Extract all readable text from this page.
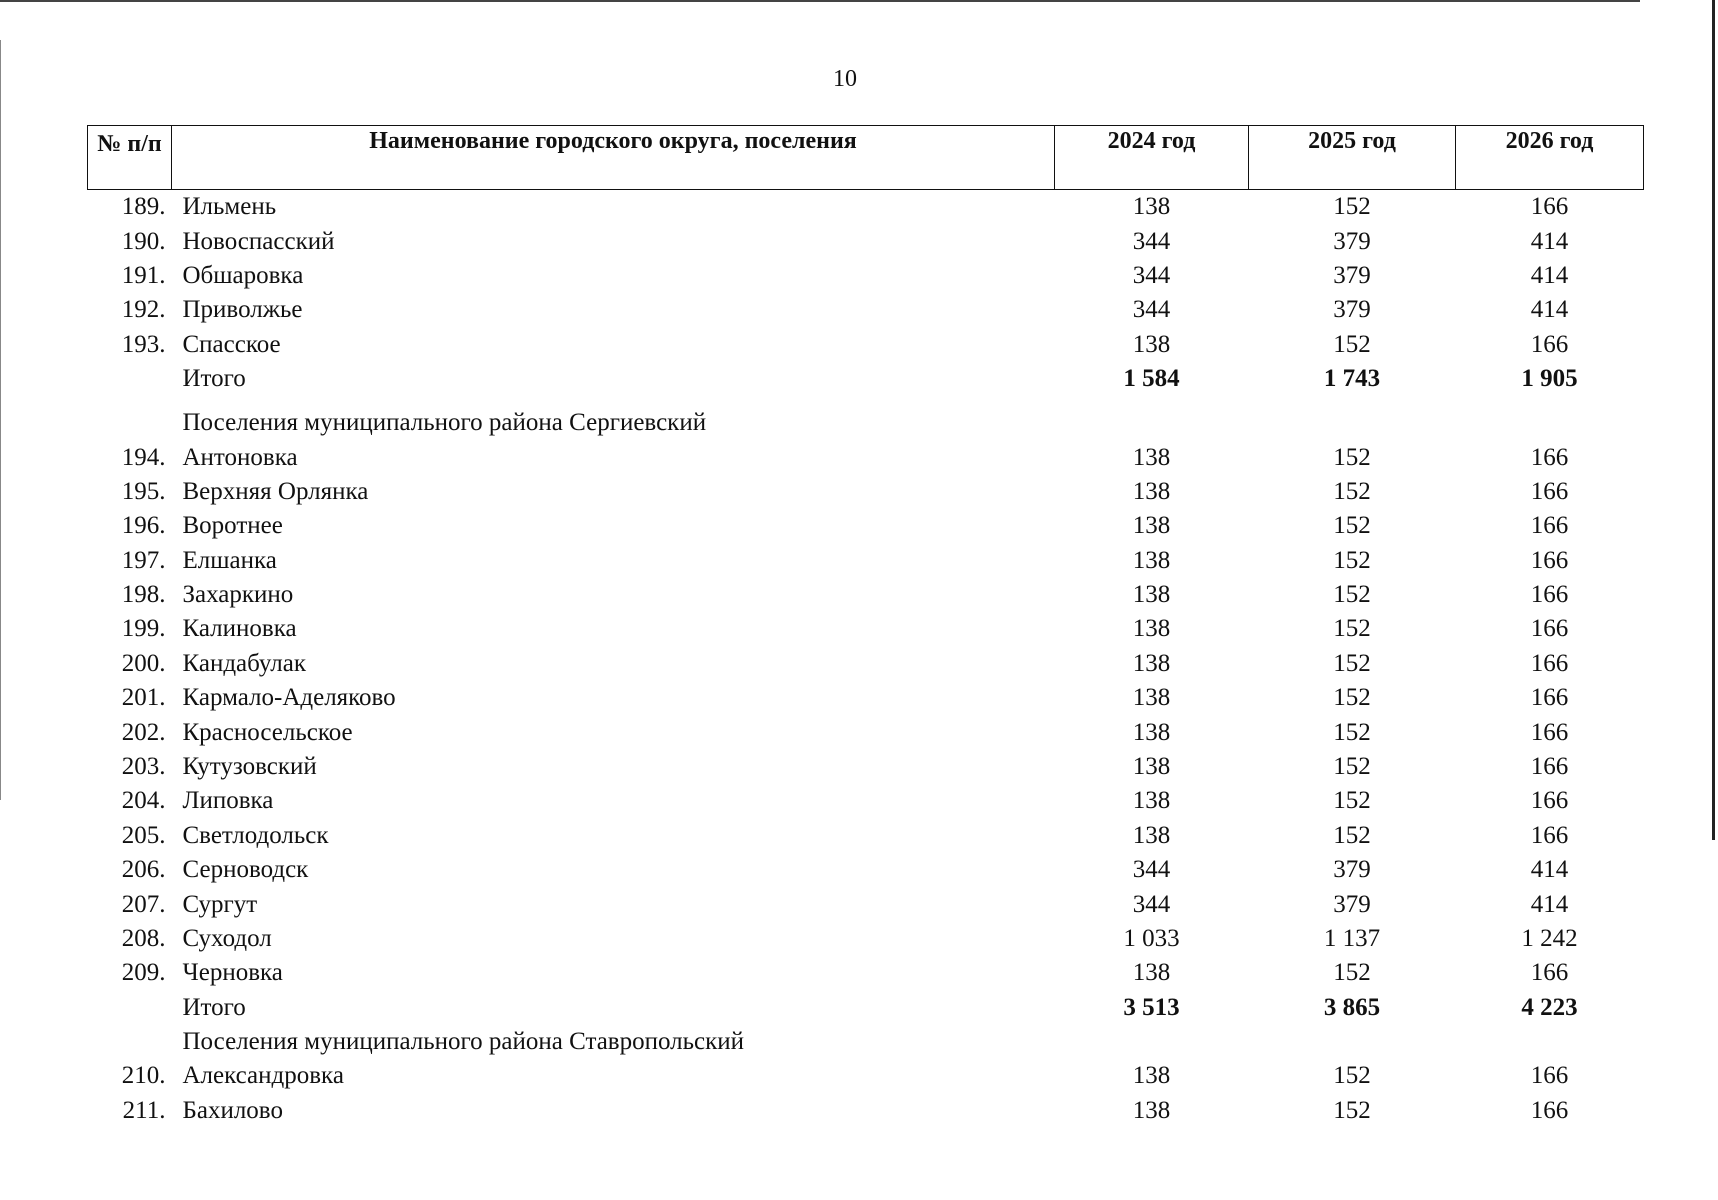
10
№ п/п	Наименование городского округа, поселения	2024 год	2025 год	2026 год
189.	Ильмень	138	152	166
190.	Новоспасский	344	379	414
191.	Обшаровка	344	379	414
192.	Приволжье	344	379	414
193.	Спасское	138	152	166
	Итого	1 584	1 743	1 905

	Поселения муниципального района Сергиевский			
194.	Антоновка	138	152	166
195.	Верхняя Орлянка	138	152	166
196.	Воротнее	138	152	166
197.	Елшанка	138	152	166
198.	Захаркино	138	152	166
199.	Калиновка	138	152	166
200.	Кандабулак	138	152	166
201.	Кармало-Аделяково	138	152	166
202.	Красносельское	138	152	166
203.	Кутузовский	138	152	166
204.	Липовка	138	152	166
205.	Светлодольск	138	152	166
206.	Серноводск	344	379	414
207.	Сургут	344	379	414
208.	Суходол	1 033	1 137	1 242
209.	Черновка	138	152	166
	Итого	3 513	3 865	4 223
	Поселения муниципального района Ставропольский			
210.	Александровка	138	152	166
211.	Бахилово	138	152	166
